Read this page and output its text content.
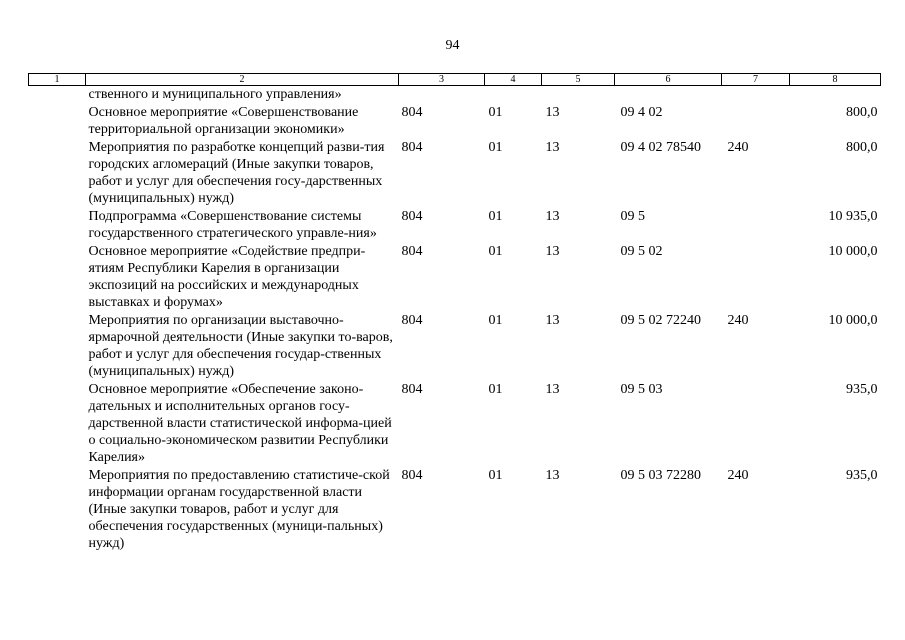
94
1	2	3	4	5	6	7	8
	ственного и муниципального управления»						
	Основное мероприятие «Совершенствование территориальной организации экономики»	804	01	13	09 4 02		800,0
	Мероприятия по разработке концепций разви-тия городских агломераций (Иные закупки товаров, работ и услуг для обеспечения госу-дарственных (муниципальных) нужд)	804	01	13	09 4 02 78540	240	800,0
	Подпрограмма «Совершенствование системы государственного стратегического управле-ния»	804	01	13	09 5		10 935,0
	Основное мероприятие «Содействие предпри-ятиям Республики Карелия в организации экспозиций на российских и международных выставках и форумах»	804	01	13	09 5 02		10 000,0
	Мероприятия по организации выставочно-ярмарочной деятельности (Иные закупки то-варов, работ и услуг для обеспечения государ-ственных (муниципальных) нужд)	804	01	13	09 5 02 72240	240	10 000,0
	Основное мероприятие «Обеспечение законо-дательных и исполнительных органов госу-дарственной власти статистической информа-цией о социально-экономическом развитии Республики Карелия»	804	01	13	09 5 03		935,0
	Мероприятия по предоставлению статистиче-ской информации органам государственной власти (Иные закупки товаров, работ и услуг для обеспечения государственных (муници-пальных) нужд)	804	01	13	09 5 03 72280	240	935,0
